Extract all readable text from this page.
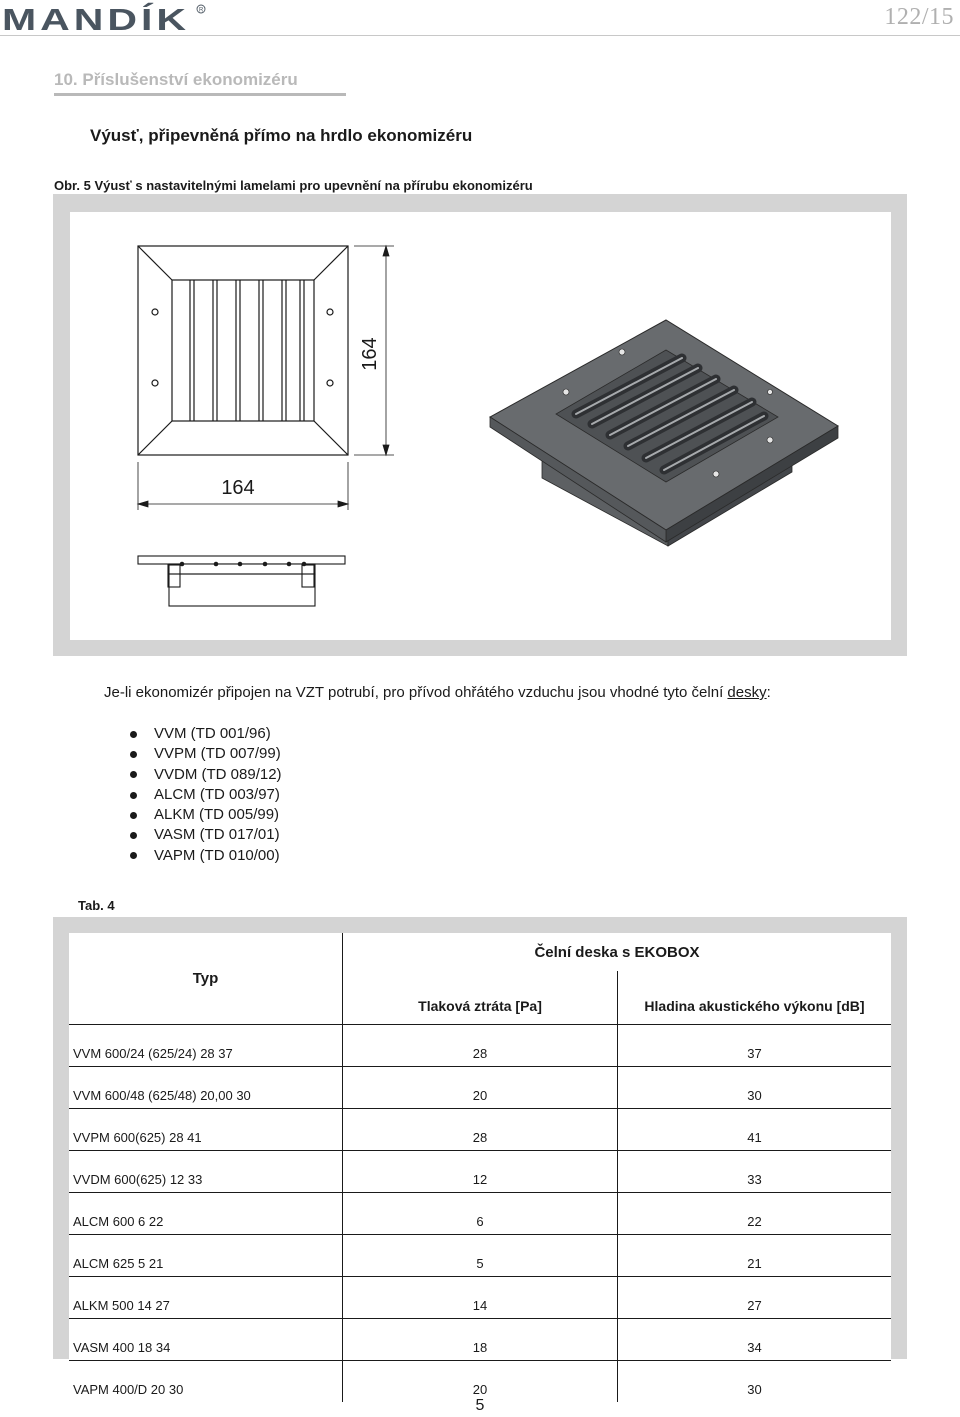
MANDÍK R	122/15
10. Příslušenství ekonomizéru
Výusť, připevněná přímo na hrdlo ekonomizéru
Obr. 5 Výusť s nastavitelnými lamelami pro upevnění na přírubu ekonomizéru
164
164
Je-li ekonomizér připojen na VZT potrubí, pro přívod ohřátého vzduchu jsou vhodné tyto čelní desky:
VVM (TD 001/96)
VVPM (TD 007/99)
VVDM (TD 089/12)
ALCM (TD 003/97)
ALKM (TD 005/99)
VASM (TD 017/01)
VAPM (TD 010/00)
Tab. 4
Typ	Čelní deska s EKOBOX	
	Tlaková ztráta [Pa]	Hladina akustického výkonu [dB]
VVM 600/24 (625/24) 28 37	28	37
VVM 600/48 (625/48) 20,00 30	20	30
VVPM 600(625) 28 41	28	41
VVDM 600(625) 12 33	12	33
ALCM 600 6 22	6	22
ALCM 625 5 21	5	21
ALKM 500 14 27	14	27
VASM 400 18 34	18	34
VAPM 400/D 20 30	20	30
5
